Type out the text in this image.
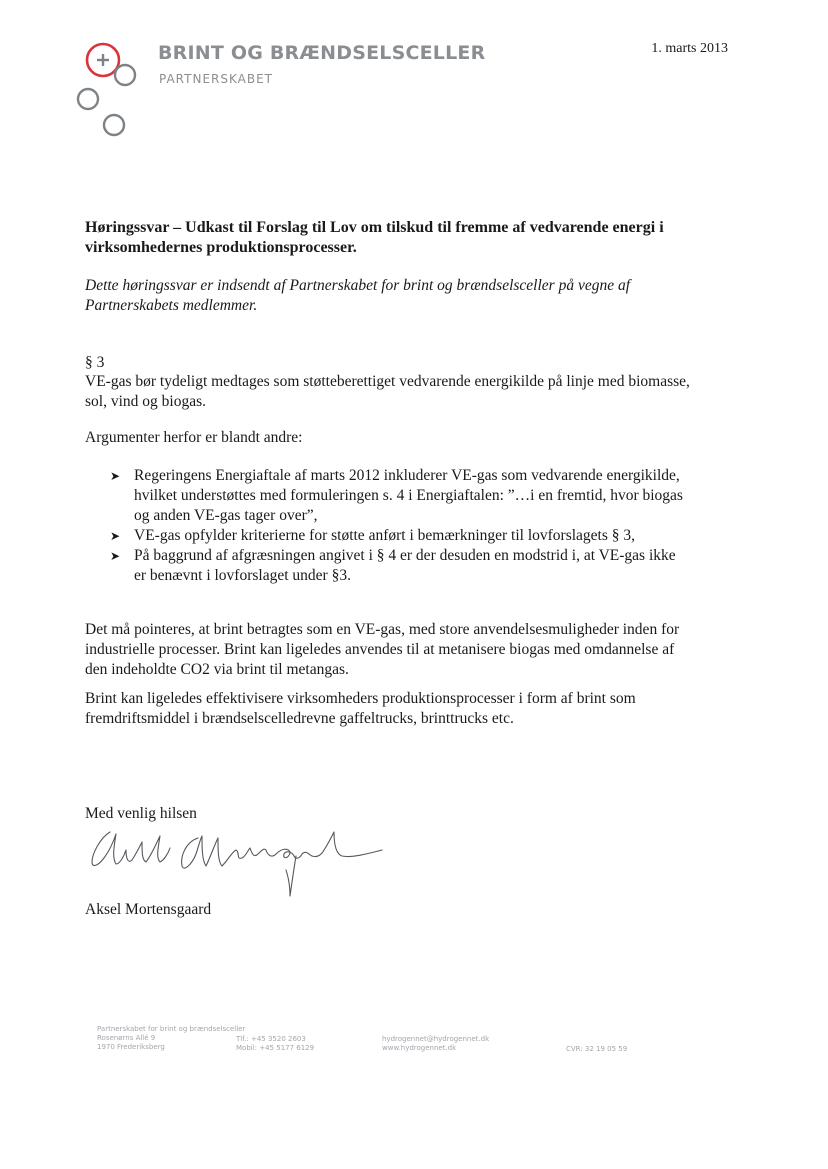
BRINT OG BRÆNDSELSCELLER
PARTNERSKABET
1. marts 2013
Høringssvar – Udkast til Forslag til Lov om tilskud til fremme af vedvarende energi i virksomhedernes produktionsprocesser.
Dette høringssvar er indsendt af Partnerskabet for brint og brændselsceller på vegne af Partnerskabets medlemmer.
§ 3
VE-gas bør tydeligt medtages som støtteberettiget vedvarende energikilde på linje med biomasse, sol, vind og biogas.
Argumenter herfor er blandt andre:
➤ Regeringens Energiaftale af marts 2012 inkluderer VE-gas som vedvarende energikilde, hvilket understøttes med formuleringen s. 4 i Energiaftalen: ”…i en fremtid, hvor biogas og anden VE-gas tager over”,
➤ VE-gas opfylder kriterierne for støtte anført i bemærkninger til lovforslagets § 3,
➤ På baggrund af afgræsningen angivet i § 4 er der desuden en modstrid i, at VE-gas ikke er benævnt i lovforslaget under §3.
Det må pointeres, at brint betragtes som en VE-gas, med store anvendelsesmuligheder inden for industrielle processer. Brint kan ligeledes anvendes til at metanisere biogas med omdannelse af den indeholdte CO2 via brint til metangas.
Brint kan ligeledes effektivisere virksomheders produktionsprocesser i form af brint som fremdriftsmiddel i brændselscelledrevne gaffeltrucks, brinttrucks etc.
Med venlig hilsen
Aksel Mortensgaard
Partnerskabet for brint og brændselsceller
Rosenørns Allé 9
1970 Frederiksberg
Tlf.: +45 3520 2603
Mobil: +45 5177 6129
hydrogennet@hydrogennet.dk
www.hydrogennet.dk	CVR: 32 19 05 59
